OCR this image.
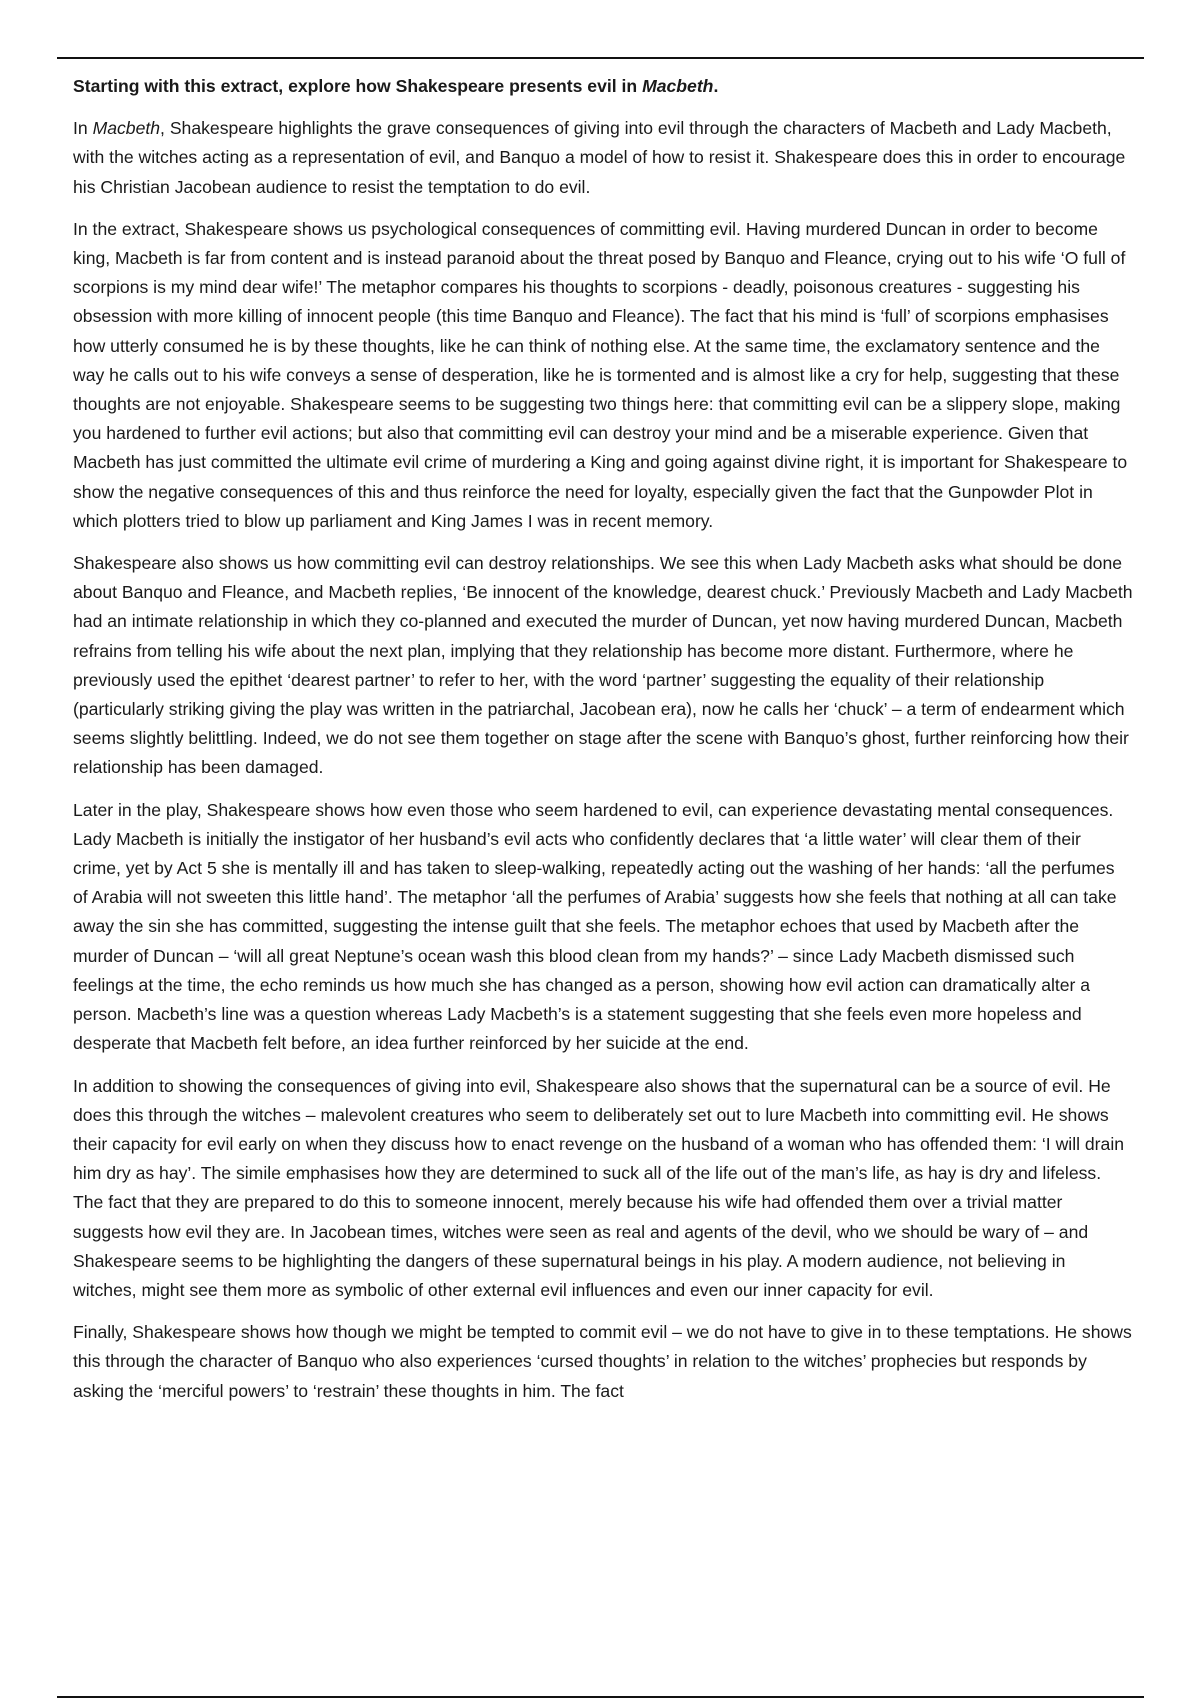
Starting with this extract, explore how Shakespeare presents evil in Macbeth.

In Macbeth, Shakespeare highlights the grave consequences of giving into evil through the characters of Macbeth and Lady Macbeth, with the witches acting as a representation of evil, and Banquo a model of how to resist it. Shakespeare does this in order to encourage his Christian Jacobean audience to resist the temptation to do evil.

In the extract, Shakespeare shows us psychological consequences of committing evil. Having murdered Duncan in order to become king, Macbeth is far from content and is instead paranoid about the threat posed by Banquo and Fleance, crying out to his wife ‘O full of scorpions is my mind dear wife!’ The metaphor compares his thoughts to scorpions - deadly, poisonous creatures - suggesting his obsession with more killing of innocent people (this time Banquo and Fleance). The fact that his mind is ‘full’ of scorpions emphasises how utterly consumed he is by these thoughts, like he can think of nothing else. At the same time, the exclamatory sentence and the way he calls out to his wife conveys a sense of desperation, like he is tormented and is almost like a cry for help, suggesting that these thoughts are not enjoyable. Shakespeare seems to be suggesting two things here: that committing evil can be a slippery slope, making you hardened to further evil actions; but also that committing evil can destroy your mind and be a miserable experience. Given that Macbeth has just committed the ultimate evil crime of murdering a King and going against divine right, it is important for Shakespeare to show the negative consequences of this and thus reinforce the need for loyalty, especially given the fact that the Gunpowder Plot in which plotters tried to blow up parliament and King James I was in recent memory.

Shakespeare also shows us how committing evil can destroy relationships. We see this when Lady Macbeth asks what should be done about Banquo and Fleance, and Macbeth replies, ‘Be innocent of the knowledge, dearest chuck.’ Previously Macbeth and Lady Macbeth had an intimate relationship in which they co-planned and executed the murder of Duncan, yet now having murdered Duncan, Macbeth refrains from telling his wife about the next plan, implying that they relationship has become more distant. Furthermore, where he previously used the epithet ‘dearest partner’ to refer to her, with the word ‘partner’ suggesting the equality of their relationship (particularly striking giving the play was written in the patriarchal, Jacobean era), now he calls her ‘chuck’ – a term of endearment which seems slightly belittling. Indeed, we do not see them together on stage after the scene with Banquo’s ghost, further reinforcing how their relationship has been damaged.

Later in the play, Shakespeare shows how even those who seem hardened to evil, can experience devastating mental consequences. Lady Macbeth is initially the instigator of her husband’s evil acts who confidently declares that ‘a little water’ will clear them of their crime, yet by Act 5 she is mentally ill and has taken to sleep-walking, repeatedly acting out the washing of her hands: ‘all the perfumes of Arabia will not sweeten this little hand’. The metaphor ‘all the perfumes of Arabia’ suggests how she feels that nothing at all can take away the sin she has committed, suggesting the intense guilt that she feels. The metaphor echoes that used by Macbeth after the murder of Duncan – ‘will all great Neptune’s ocean wash this blood clean from my hands?’ – since Lady Macbeth dismissed such feelings at the time, the echo reminds us how much she has changed as a person, showing how evil action can dramatically alter a person. Macbeth’s line was a question whereas Lady Macbeth’s is a statement suggesting that she feels even more hopeless and desperate that Macbeth felt before, an idea further reinforced by her suicide at the end.

In addition to showing the consequences of giving into evil, Shakespeare also shows that the supernatural can be a source of evil. He does this through the witches – malevolent creatures who seem to deliberately set out to lure Macbeth into committing evil. He shows their capacity for evil early on when they discuss how to enact revenge on the husband of a woman who has offended them: ‘I will drain him dry as hay’. The simile emphasises how they are determined to suck all of the life out of the man’s life, as hay is dry and lifeless. The fact that they are prepared to do this to someone innocent, merely because his wife had offended them over a trivial matter suggests how evil they are. In Jacobean times, witches were seen as real and agents of the devil, who we should be wary of – and Shakespeare seems to be highlighting the dangers of these supernatural beings in his play. A modern audience, not believing in witches, might see them more as symbolic of other external evil influences and even our inner capacity for evil.

Finally, Shakespeare shows how though we might be tempted to commit evil – we do not have to give in to these temptations. He shows this through the character of Banquo who also experiences ‘cursed thoughts’ in relation to the witches’ prophecies but responds by asking the ‘merciful powers’ to ‘restrain’ these thoughts in him. The fact
